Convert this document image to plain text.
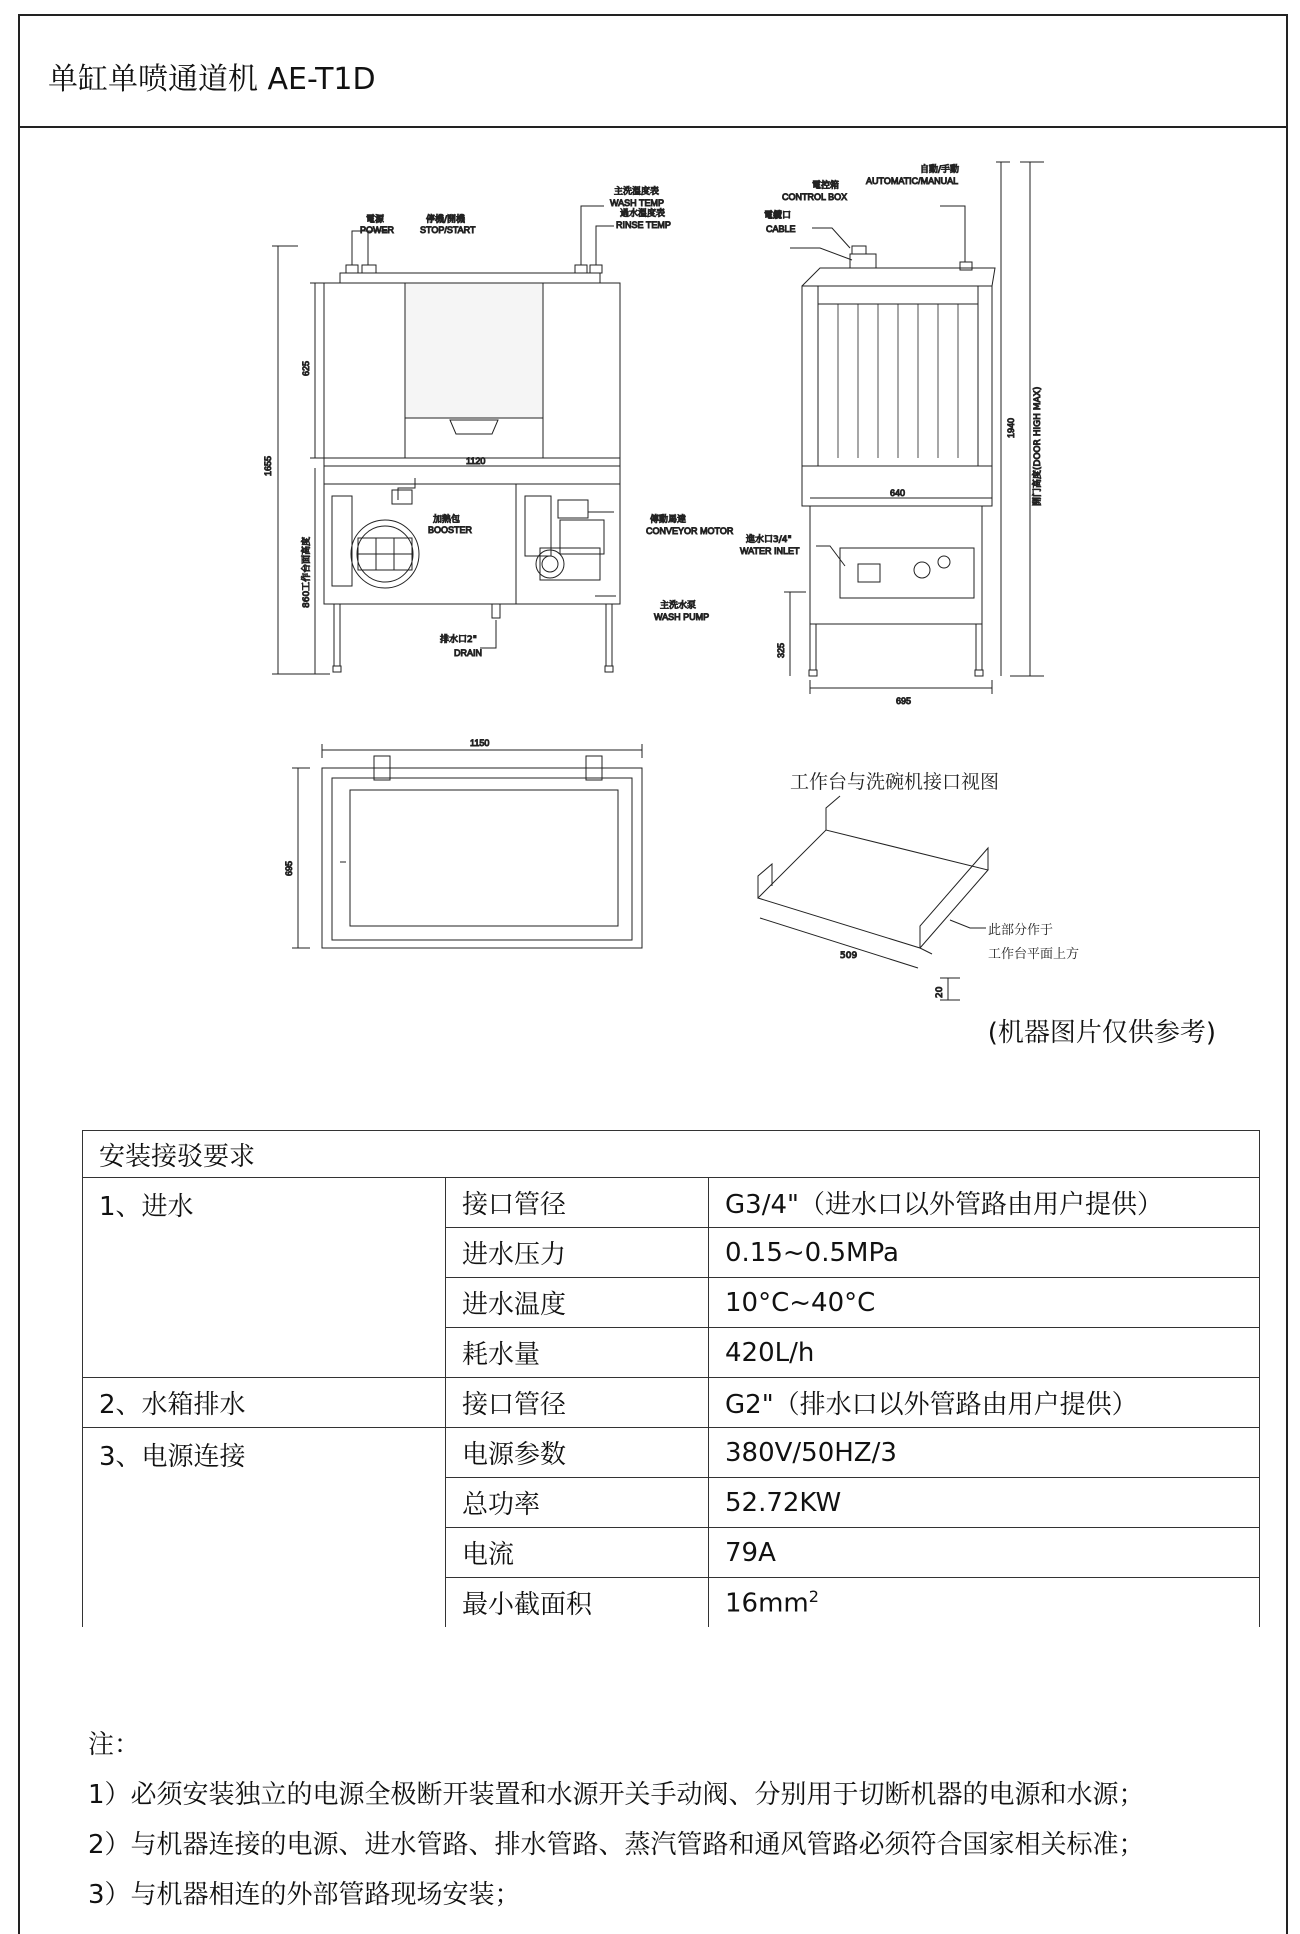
单缸单喷通道机 AE-T1D
電源
POWER
停機/開機
STOP/START
主洗溫度表
WASH TEMP
過水溫度表
RINSE TEMP
加熱包
BOOSTER
傳動馬達
CONVEYOR MOTOR
主洗水泵
WASH PUMP
排水口2"
DRAIN
1120
1655
625
860工作台面高度
自動/手動
AUTOMATIC/MANUAL
電控箱
CONTROL BOX
電纜口
CABLE
進水口3/4"
WATER INLET
640
695
325
1940 開门高度(DOOR HIGH MAX)
1150
695
工作台与洗碗机接口视图
509
20
此部分作于
工作台平面上方
(机器图片仅供参考)
安装接驳要求		
1、进水	接口管径	G3/4"（进水口以外管路由用户提供）
	进水压力	0.15~0.5MPa
	进水温度	10°C~40°C
	耗水量	420L/h
2、水箱排水	接口管径	G2"（排水口以外管路由用户提供）
3、电源连接	电源参数	380V/50HZ/3
	总功率	52.72KW
	电流	79A
	最小截面积	$16mm^2$
注：
1）必须安装独立的电源全极断开装置和水源开关手动阀、分别用于切断机器的电源和水源；
2）与机器连接的电源、进水管路、排水管路、蒸汽管路和通风管路必须符合国家相关标准；
3）与机器相连的外部管路现场安装；
